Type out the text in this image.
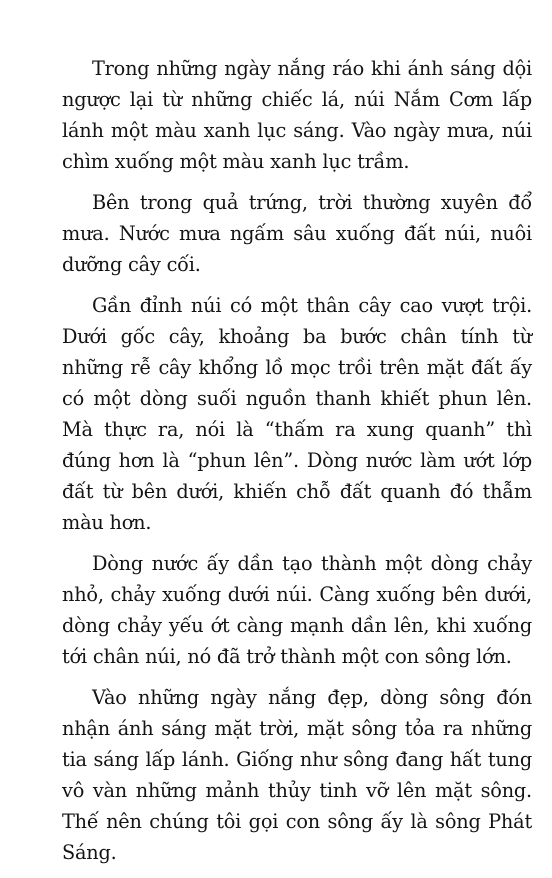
Trong những ngày nắng ráo khi ánh sáng dội ngược lại từ những chiếc lá, núi Nắm Cơm lấp lánh một màu xanh lục sáng. Vào ngày mưa, núi chìm xuống một màu xanh lục trầm.

Bên trong quả trứng, trời thường xuyên đổ mưa. Nước mưa ngấm sâu xuống đất núi, nuôi dưỡng cây cối.

Gần đỉnh núi có một thân cây cao vượt trội. Dưới gốc cây, khoảng ba bước chân tính từ những rễ cây khổng lồ mọc trồi trên mặt đất ấy có một dòng suối nguồn thanh khiết phun lên. Mà thực ra, nói là “thấm ra xung quanh” thì đúng hơn là “phun lên”. Dòng nước làm ướt lớp đất từ bên dưới, khiến chỗ đất quanh đó thẫm màu hơn.

Dòng nước ấy dần tạo thành một dòng chảy nhỏ, chảy xuống dưới núi. Càng xuống bên dưới, dòng chảy yếu ớt càng mạnh dần lên, khi xuống tới chân núi, nó đã trở thành một con sông lớn.

Vào những ngày nắng đẹp, dòng sông đón nhận ánh sáng mặt trời, mặt sông tỏa ra những tia sáng lấp lánh. Giống như sông đang hất tung vô vàn những mảnh thủy tinh vỡ lên mặt sông. Thế nên chúng tôi gọi con sông ấy là sông Phát Sáng.
